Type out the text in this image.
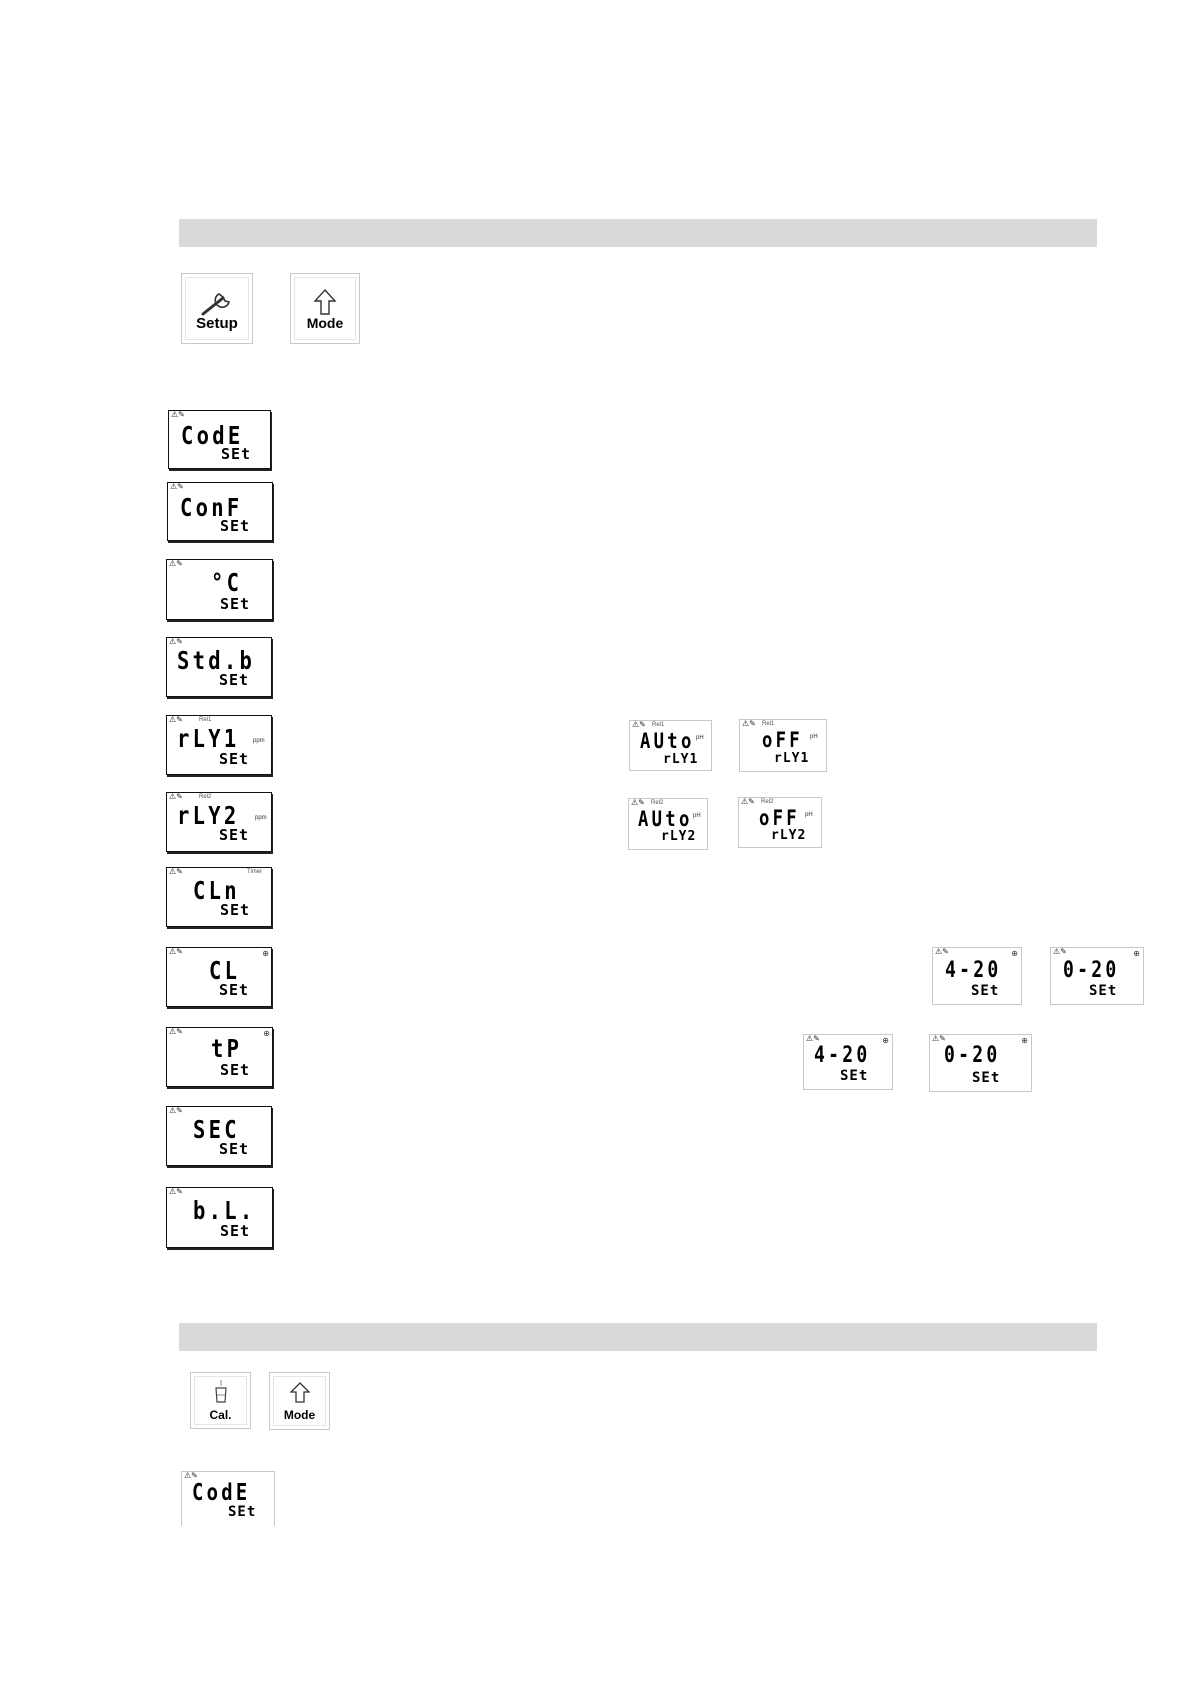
Setup	Mode
⚠✎
CodE
SEt
⚠✎
ConF
SEt
⚠✎
°C
SEt
⚠✎
Std.b
SEt
⚠✎	Rel1
rLY1 ppm
SEt
⚠✎	Rel2
rLY2	ppm
SEt
⚠✎	Timer
CLn
SEt
⚠✎	⊕
CL
SEt
⚠✎	⊕
tP
SEt
⚠✎
SEC
SEt
⚠✎
b.L.
SEt
⚠✎ Rel1
AUto pH
rLY1
⚠✎ Rel1
oFF pH
rLY1
⚠✎ Rel2
AUto pH
rLY2
⚠✎ Rel2
oFF pH
rLY2
⚠✎	⊕
4-20
SEt
⚠✎	⊕
0-20
SEt
⚠✎	⊕
4-20
SEt
⚠✎	⊕
0-20
SEt
Cal.	Mode
⚠✎
CodE
SEt
